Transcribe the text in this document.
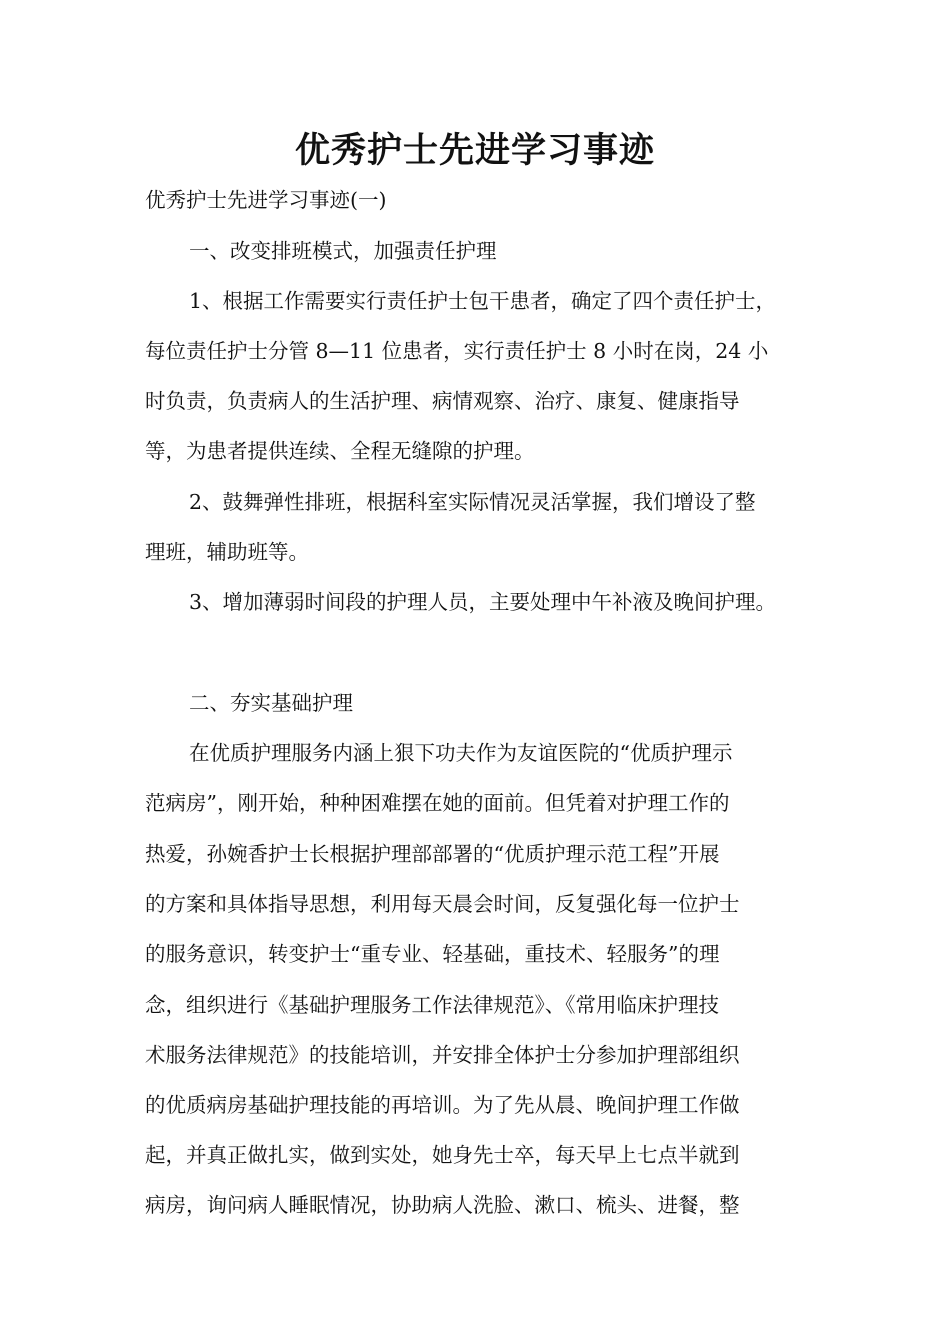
优秀护士先进学习事迹

优秀护士先进学习事迹(一)

一、改变排班模式，加强责任护理

1、根据工作需要实行责任护士包干患者，确定了四个责任护士，

每位责任护士分管 8—11 位患者，实行责任护士 8 小时在岗，24 小

时负责，负责病人的生活护理、病情观察、治疗、康复、健康指导

等，为患者提供连续、全程无缝隙的护理。

2、鼓舞弹性排班，根据科室实际情况灵活掌握，我们增设了整

理班，辅助班等。

3、增加薄弱时间段的护理人员，主要处理中午补液及晚间护理。

二、夯实基础护理

在优质护理服务内涵上狠下功夫作为友谊医院的“优质护理示

范病房”，刚开始，种种困难摆在她的面前。但凭着对护理工作的

热爱，孙婉香护士长根据护理部部署的“优质护理示范工程”开展

的方案和具体指导思想，利用每天晨会时间，反复强化每一位护士

的服务意识，转变护士“重专业、轻基础，重技术、轻服务”的理

念，组织进行《基础护理服务工作法律规范》、《常用临床护理技

术服务法律规范》的技能培训，并安排全体护士分参加护理部组织

的优质病房基础护理技能的再培训。为了先从晨、晚间护理工作做

起，并真正做扎实，做到实处，她身先士卒，每天早上七点半就到

病房，询问病人睡眠情况，协助病人洗脸、漱口、梳头、进餐，整
